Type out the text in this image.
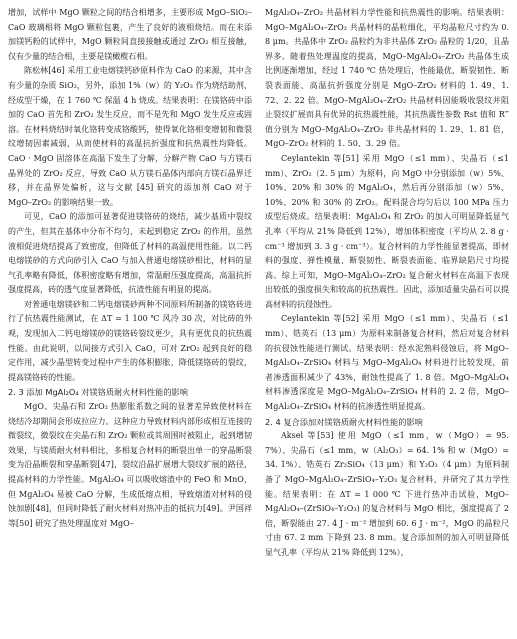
增加，试样中 MgO 颗粒之间的结合相增多，主要形成 MgO–SiO₂–CaO 玻璃相将 MgO 颗粒包裹，产生了良好的液相烧结。而在未添加镁钙粉的试样中，MgO 颗粒间直接接触或通过 ZrO₂ 相互接触，仅有少量的结合相，主要是镁橄榄石相。

陈松林[46] 采用工业电熔镁钙砂原料作为 CaO 的来源，其中含有少量的杂质 SiO₂，另外，添加 1%（w）的 Y₂O₃ 作为烧结助剂，经成型干燥，在 1 760 ℃ 保温 4 h 烧成。结果表明：在镁铬砖中添加的 CaO 首先和 ZrO₂ 发生反应，而不是先和 MgO 发生反应或固溶。在材料烧结时氧化铬转变成铬酸钙，使得氧化铬相变增韧和微裂纹增韧因素减弱，从而使材料的高温抗折强度和抗热震性均降低。CaO · MgO 固溶体在高温下发生了分解，分解产物 CaO 与方镁石晶界处的 ZrO₂ 反应，导致 CaO 从方镁石晶体内部向方镁石晶界迁移，并在晶界处偏析，这与文献 [45] 研究的添加剂 CaO 对于 MgO–ZrO₂ 的影响结果一致。

可见，CaO 的添加可显著促进镁铬砖的烧结，减少基质中裂纹的产生，但其在基体中分布不均匀，未起到稳定 ZrO₂ 的作用，虽然液相促进烧结提高了致密度，但降低了材料的高温使用性能。以二钙电熔镁砂的方式向砂引入 CaO 与加入普通电熔镁砂相比，材料的显气孔率略有降低，体积密度略有增加，常温耐压强度提高，高温抗折强度提高，砖的透气度显著降低，抗渣性能有明显的提高。

对普通电熔镁砂和二钙电熔镁砂两种不同原料所制备的镁铬砖进行了抗热震性能测试，在 ΔT = 1 100 ℃ 风冷 30 次，对比砖的外观，发现加入二钙电熔镁砂的镁铬砖裂纹更少，具有更优良的抗热震性能。由此说明，以间接方式引入 CaO，可对 ZrO₂ 起到良好的稳定作用，减少晶型转变过程中产生的体积膨胀，降低镁铬砖的裂纹，提高镁铬砖的性能。

2. 3 添加 MgAl₂O₄ 对镁铬质耐火材料性能的影响

MgO、尖晶石和 ZrO₂ 热膨胀系数之间的显著差异致使材料在烧结冷却期间会形成拉应力。这种应力导致材料内部形成相互连接的微裂纹，微裂纹在尖晶石和 ZrO₂ 颗粒或其周围时被阻止，起到增韧效果，与镁质耐火材料相比，多相复合材料的断裂出单一的穿晶断裂变为沿晶断裂和穿晶断裂[47]，裂纹沿晶扩展增大裂纹扩展的路径，提高材料的力学性能。MgAl₂O₄ 可以吸收熔渣中的 FeO 和 MnO，但 MgAl₂O₄ 易被 CaO 分解，生成低熔点相，导致熔渣对材料的侵蚀加剧[48]，但同时降低了耐火材料对热冲击的抵抗力[49]。尹国祥等[50] 研究了热处理温度对 MgO–

MgAl₂O₄–ZrO₂ 共晶材料力学性能和抗热震性的影响。结果表明：MgO–MgAl₂O₄–ZrO₂ 共晶材料的晶粒细化，平均晶粒尺寸约为 0. 8 μm。共晶体中 ZrO₂ 晶粒约为非共晶体 ZrO₂ 晶粒的 1/20，且晶界多。随着热处理温度的提高，MgO–MgAl₂O₄–ZrO₂ 共晶体生成比例逐渐增加，经过 1 740 ℃ 热处理后，性能最优，断裂韧性、断裂表面能、高温抗折强度分别是 MgO–ZrO₂ 材料的 1. 49、1. 72、2. 22 倍。MgO–MgAl₂O₄–ZrO₂ 共晶材料因能吸收裂纹并阻止裂纹扩展而具有优异的抗热震性能，其抗热震性参数 Rst 值和 R‴ 值分别为 MgO–MgAl₂O₄–ZrO₂ 非共晶材料的 1. 29、1. 81 倍，MgO–ZrO₂ 材料的 1. 50、3. 29 倍。

Ceylantekin 等[51] 采用 MgO（≤1 mm）、尖晶石（≤1 mm）、ZrO₂（2. 5 μm）为原料，向 MgO 中分别添加（w）5%、10%、20% 和 30% 的 MgAl₂O₄，然后再分别添加（w）5%、10%、20% 和 30% 的 ZrO₂。配料混合均匀后以 100 MPa 压力成型后烧成。结果表明：MgAl₂O₄ 和 ZrO₂ 的加入可明显降低显气孔率（平均从 21% 降低到 12%），增加体积密度（平均从 2. 8 g · cm⁻³ 增加到 3. 3 g · cm⁻³）。复合材料的力学性能显著提高，即材料的强度、弹性模量、断裂韧性、断裂表面能、临界缺陷尺寸均提高。综上可知，MgO–MgAl₂O₄–ZrO₂ 复合耐火材料在高温下表现出较低的强度损失和较高的抗热震性。因此，添加适量尖晶石可以提高材料的抗侵蚀性。

Ceylantekin 等[52] 采用 MgO（≤1 mm）、尖晶石（≤1 mm）、锆英石（13 μm）为原料来制备复合材料，然后对复合材料的抗侵蚀性能进行测试。结果表明：经水泥熟料侵蚀后，将 MgO–MgAl₂O₄–ZrSiO₄ 材料与 MgO–MgAl₂O₄ 材料进行比较发现，前者渗透面积减少了 43%，耐蚀性提高了 1. 8 倍。MgO–MgAl₂O₄ 材料渗透深度是 MgO–MgAl₂O₄–ZrSiO₄ 材料的 2. 2 倍，MgO–MgAl₂O₄–ZrSiO₄ 材料的抗渗透性明显提高。

2. 4 复合添加对镁铬质耐火材料性能的影响

Aksel 等[53] 使用 MgO（≤1 mm，w（MgO）= 95. 7%）、尖晶石（≤1 mm，w（Al₂O₃）= 64. 1% 和 w（MgO）= 34. 1%）、锆英石 Zr₂SiO₄（13 μm）和 Y₂O₃（4 μm）为原料制备了 MgO–MgAl₂O₄–ZrSiO₄–Y₂O₃ 复合材料，并研究了其力学性能。结果表明：在 ΔT = 1 000 ℃ 下进行热冲击试验，MgO–MgAl₂O₄–(ZrSiO₄–Y₂O₃) 的复合材料与 MgO 相比，强度提高了 2 倍，断裂能由 27. 4 J · m⁻² 增加到 60. 6 J · m⁻²，MgO 的晶粒尺寸由 67. 2 mm 下降到 23. 8 mm。复合添加剂的加入可明显降低显气孔率（平均从 21% 降低到 12%），
